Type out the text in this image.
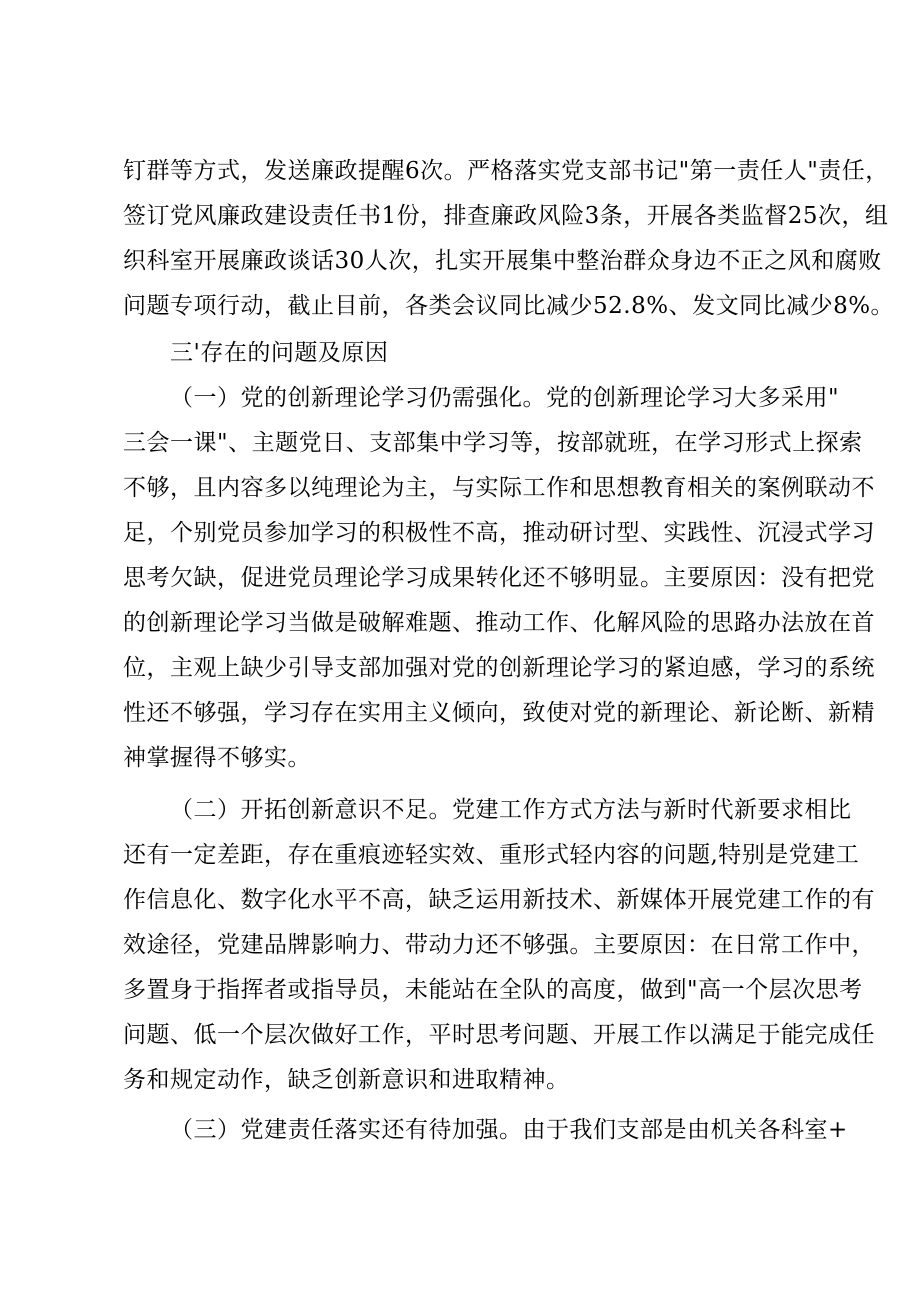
钉群等方式，发送廉政提醒6次。严格落实党支部书记"第一责任人"责任，
签订党风廉政建设责任书1份，排查廉政风险3条，开展各类监督25次，组
织科室开展廉政谈话30人次，扎实开展集中整治群众身边不正之风和腐败
问题专项行动，截止目前，各类会议同比减少52.8%、发文同比减少8%。
三'存在的问题及原因
（一）党的创新理论学习仍需强化。党的创新理论学习大多采用"
三会一课"、主题党日、支部集中学习等，按部就班，在学习形式上探索
不够，且内容多以纯理论为主，与实际工作和思想教育相关的案例联动不
足，个别党员参加学习的积极性不高，推动研讨型、实践性、沉浸式学习
思考欠缺，促进党员理论学习成果转化还不够明显。主要原因：没有把党
的创新理论学习当做是破解难题、推动工作、化解风险的思路办法放在首
位，主观上缺少引导支部加强对党的创新理论学习的紧迫感，学习的系统
性还不够强，学习存在实用主义倾向，致使对党的新理论、新论断、新精
神掌握得不够实。
（二）开拓创新意识不足。党建工作方式方法与新时代新要求相比
还有一定差距，存在重痕迹轻实效、重形式轻内容的问题,特别是党建工
作信息化、数字化水平不高，缺乏运用新技术、新媒体开展党建工作的有
效途径，党建品牌影响力、带动力还不够强。主要原因：在日常工作中，
多置身于指挥者或指导员，未能站在全队的高度，做到"高一个层次思考
问题、低一个层次做好工作，平时思考问题、开展工作以满足于能完成任
务和规定动作，缺乏创新意识和进取精神。
（三）党建责任落实还有待加强。由于我们支部是由机关各科室+
